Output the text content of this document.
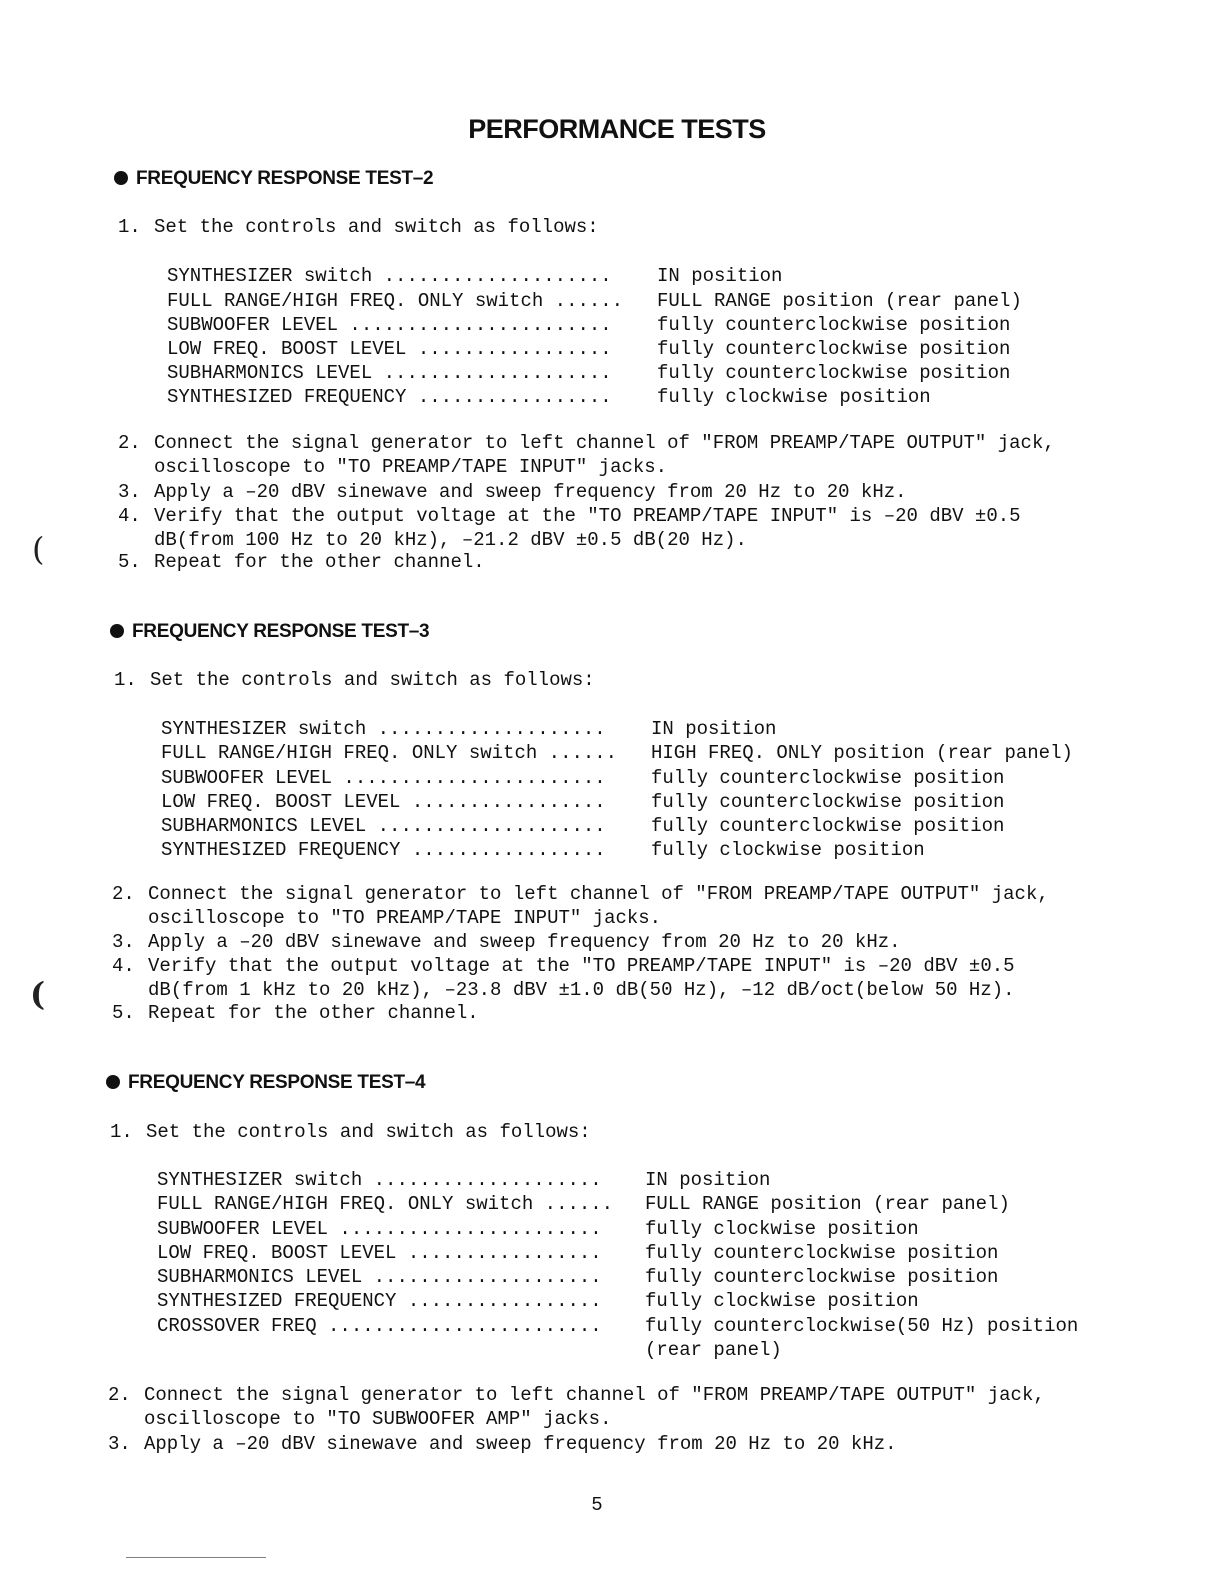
PERFORMANCE TESTS
FREQUENCY RESPONSE TEST–2
1. Set the controls and switch as follows:
SYNTHESIZER switch .................... IN position
FULL RANGE/HIGH FREQ. ONLY switch ...... FULL RANGE position (rear panel)
SUBWOOFER LEVEL ....................... fully counterclockwise position
LOW FREQ. BOOST LEVEL ................. fully counterclockwise position
SUBHARMONICS LEVEL .................... fully counterclockwise position
SYNTHESIZED FREQUENCY ................. fully clockwise position
2. Connect the signal generator to left channel of "FROM PREAMP/TAPE OUTPUT" jack,
oscilloscope to "TO PREAMP/TAPE INPUT" jacks.
3. Apply a –20 dBV sinewave and sweep frequency from 20 Hz to 20 kHz.
4. Verify that the output voltage at the "TO PREAMP/TAPE INPUT" is –20 dBV ±0.5
dB(from 100 Hz to 20 kHz), –21.2 dBV ±0.5 dB(20 Hz).
5. Repeat for the other channel.
(
FREQUENCY RESPONSE TEST–3
1. Set the controls and switch as follows:
SYNTHESIZER switch .................... IN position
FULL RANGE/HIGH FREQ. ONLY switch ...... HIGH FREQ. ONLY position (rear panel)
SUBWOOFER LEVEL ....................... fully counterclockwise position
LOW FREQ. BOOST LEVEL ................. fully counterclockwise position
SUBHARMONICS LEVEL .................... fully counterclockwise position
SYNTHESIZED FREQUENCY ................. fully clockwise position
2. Connect the signal generator to left channel of "FROM PREAMP/TAPE OUTPUT" jack,
oscilloscope to "TO PREAMP/TAPE INPUT" jacks.
3. Apply a –20 dBV sinewave and sweep frequency from 20 Hz to 20 kHz.
4. Verify that the output voltage at the "TO PREAMP/TAPE INPUT" is –20 dBV ±0.5
dB(from 1 kHz to 20 kHz), –23.8 dBV ±1.0 dB(50 Hz), –12 dB/oct(below 50 Hz).
5. Repeat for the other channel.
(
FREQUENCY RESPONSE TEST–4
1. Set the controls and switch as follows:
SYNTHESIZER switch .................... IN position
FULL RANGE/HIGH FREQ. ONLY switch ...... FULL RANGE position (rear panel)
SUBWOOFER LEVEL ....................... fully clockwise position
LOW FREQ. BOOST LEVEL ................. fully counterclockwise position
SUBHARMONICS LEVEL .................... fully counterclockwise position
SYNTHESIZED FREQUENCY ................. fully clockwise position
CROSSOVER FREQ ........................ fully counterclockwise(50 Hz) position
(rear panel)
2. Connect the signal generator to left channel of "FROM PREAMP/TAPE OUTPUT" jack,
oscilloscope to "TO SUBWOOFER AMP" jacks.
3. Apply a –20 dBV sinewave and sweep frequency from 20 Hz to 20 kHz.
5
